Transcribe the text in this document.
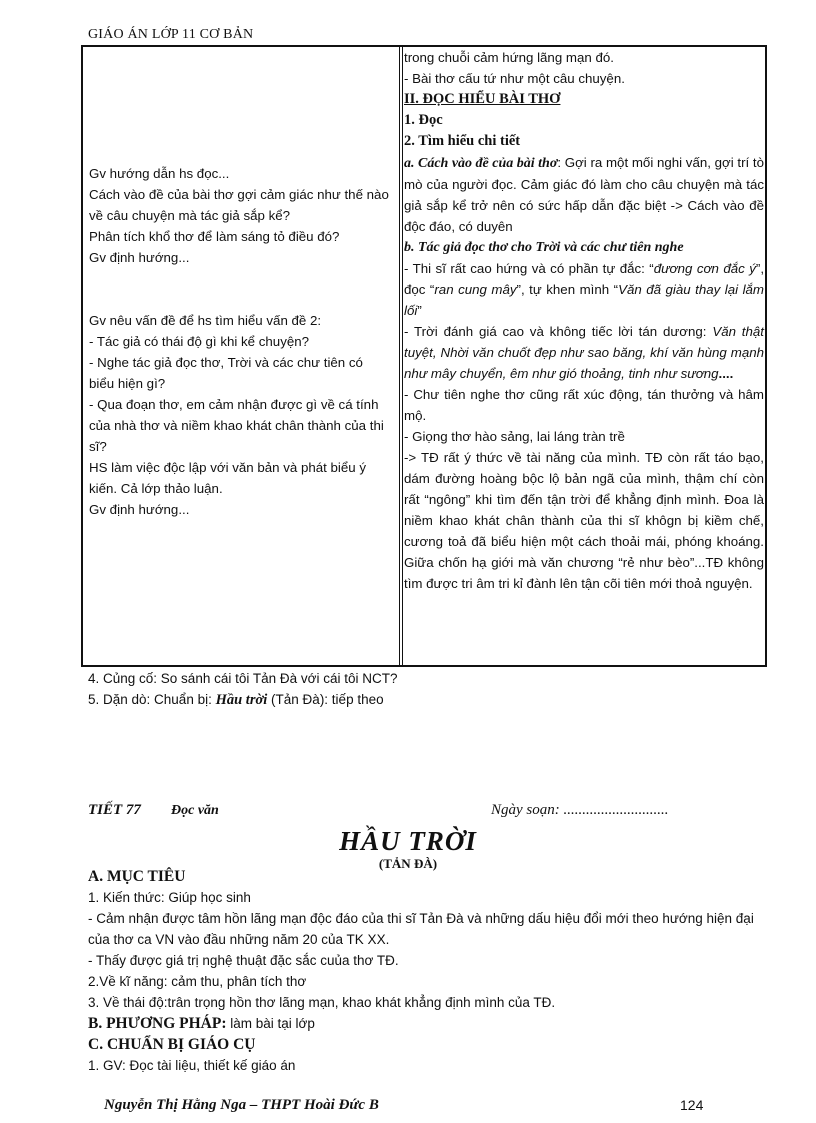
GIÁO ÁN LỚP 11 CƠ BẢN

Gv hướng dẫn hs đọc...

Cách vào đề của bài thơ gợi cảm giác như thế nào về câu chuyện mà tác giả sắp kể?

Phân tích khổ thơ để làm sáng tỏ điều đó?

Gv định hướng...

Gv nêu vấn đề để hs tìm hiểu vấn đề 2:

- Tác giả có thái độ gì khi kể chuyện?

- Nghe tác giả đọc thơ, Trời và các chư tiên có biểu hiện gì?

- Qua đoạn thơ, em cảm nhận được gì về cá tính của nhà thơ và niềm khao khát chân thành của thi sĩ?

HS làm việc độc lập với văn bản và phát biểu ý kiến. Cả lớp thảo luận.

Gv định hướng...

trong chuỗi cảm hứng lãng mạn đó.

- Bài thơ cấu tứ như một câu chuyện.

II. ĐỌC HIỂU BÀI THƠ

1. Đọc

2. Tìm hiểu chi tiết

a. Cách vào đề của bài thơ: Gợi ra một mối nghi vấn, gợi trí tò mò của người đọc. Cảm giác đó làm cho câu chuyện mà tác giả sắp kể trở nên có sức hấp dẫn đặc biệt -> Cách vào đề độc đáo, có duyên

b. Tác giả đọc thơ cho Trời và các chư tiên nghe

- Thi sĩ rất cao hứng và có phần tự đắc: “đương cơn đắc ý”, đọc “ran cung mây”, tự khen mình “Văn đã giàu thay lại lắm lối”

- Trời đánh giá cao và không tiếc lời tán dương: Văn thật tuyệt, Nhời văn chuốt đẹp như sao băng, khí văn hùng mạnh như mây chuyển, êm như gió thoảng, tinh như sương....

- Chư tiên nghe thơ cũng rất xúc động, tán thưởng và hâm mộ.

- Giọng thơ hào sảng, lai láng tràn trề

-> TĐ rất ý thức về tài năng của mình. TĐ còn rất táo bạo, dám đường hoàng bộc lộ bản ngã của mình, thậm chí còn rất “ngông” khi tìm đến tận trời để khẳng định mình. Đoa là niềm khao khát chân thành của thi sĩ khôgn bị kiềm chế, cương toả đã biểu hiện một cách thoải mái, phóng khoáng. Giữa chốn hạ giới mà văn chương “rẻ như bèo”...TĐ không tìm được tri âm tri kỉ đành lên tận cõi tiên mới thoả nguyện.

4. Củng cố: So sánh cái tôi Tản Đà với cái tôi NCT?

5. Dặn dò: Chuẩn bị: Hầu trời (Tản Đà): tiếp theo

TIẾT 77 Đọc văn	Ngày soạn: ............................
HẦU TRỜI
(TẢN ĐÀ)

A. MỤC TIÊU

1. Kiến thức: Giúp học sinh

- Cảm nhận được tâm hồn lãng mạn độc đáo của thi sĩ Tản Đà và những dấu hiệu đổi mới theo hướng hiện đại của thơ ca VN vào đầu những năm 20 của TK XX.

- Thấy được giá trị nghệ thuật đặc sắc cuủa thơ TĐ.

2.Về kĩ năng: cảm thu, phân tích thơ

3. Về thái độ:trân trọng hồn thơ lãng mạn, khao khát khẳng định mình của TĐ.

B. PHƯƠNG PHÁP: làm bài tại lớp

C. CHUẨN BỊ GIÁO CỤ

1. GV: Đọc tài liệu, thiết kế giáo án

Nguyễn Thị Hằng Nga – THPT Hoài Đức B	124
